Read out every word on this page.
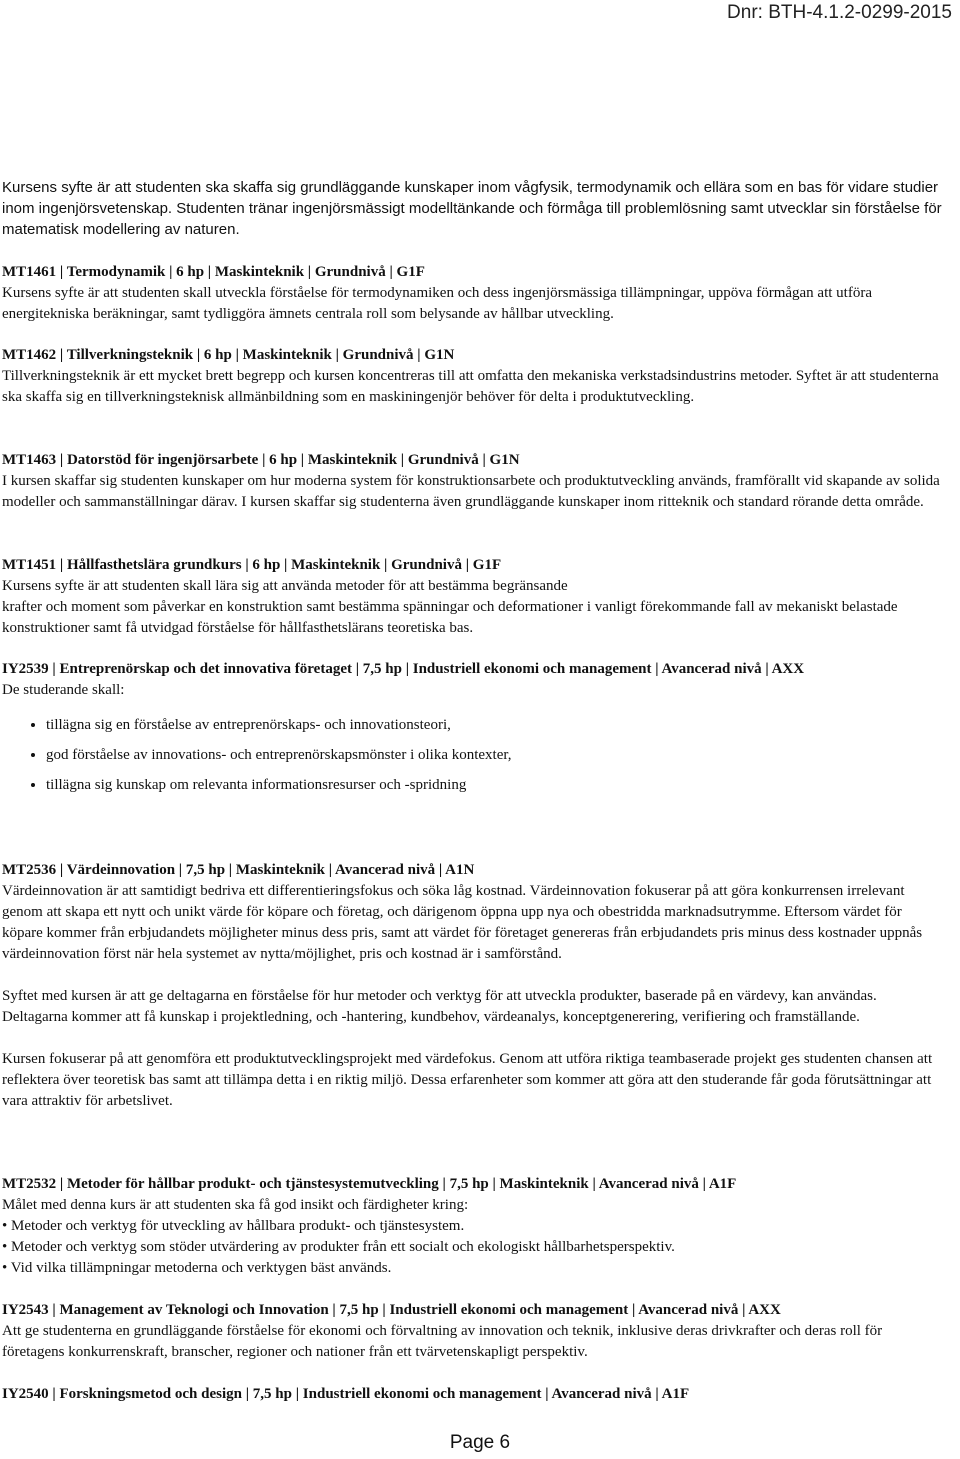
Dnr: BTH-4.1.2-0299-2015

Kursens syfte är att studenten ska skaffa sig grundläggande kunskaper inom vågfysik, termodynamik och ellära som en bas för vidare studier inom ingenjörsvetenskap. Studenten tränar ingenjörsmässigt modelltänkande och förmåga till problemlösning samt utvecklar sin förståelse för matematisk modellering av naturen.

MT1461 | Termodynamik | 6 hp | Maskinteknik | Grundnivå | G1F

Kursens syfte är att studenten skall utveckla förståelse för termodynamiken och dess ingenjörsmässiga tillämpningar, uppöva förmågan att utföra energitekniska beräkningar, samt tydliggöra ämnets centrala roll som belysande av hållbar utveckling.

MT1462 | Tillverkningsteknik | 6 hp | Maskinteknik | Grundnivå | G1N

Tillverkningsteknik är ett mycket brett begrepp och kursen koncentreras till att omfatta den mekaniska verkstadsindustrins metoder. Syftet är att studenterna ska skaffa sig en tillverkningsteknisk allmänbildning som en maskiningenjör behöver för delta i produktutveckling.

MT1463 | Datorstöd för ingenjörsarbete | 6 hp | Maskinteknik | Grundnivå | G1N

I kursen skaffar sig studenten kunskaper om hur moderna system för konstruktionsarbete och produktutveckling används, framförallt vid skapande av solida modeller och sammanställningar därav. I kursen skaffar sig studenterna även grundläggande kunskaper inom ritteknik och standard rörande detta område.

MT1451 | Hållfasthetslära grundkurs | 6 hp | Maskinteknik | Grundnivå | G1F

Kursens syfte är att studenten skall lära sig att använda metoder för att bestämma begränsande

krafter och moment som påverkar en konstruktion samt bestämma spänningar och deformationer i vanligt förekommande fall av mekaniskt belastade konstruktioner samt få utvidgad förståelse för hållfasthetslärans teoretiska bas.

IY2539 | Entreprenörskap och det innovativa företaget | 7,5 hp | Industriell ekonomi och management | Avancerad nivå | AXX

De studerande skall:

• tillägna sig en förståelse av entreprenörskaps- och innovationsteori,
• god förståelse av innovations- och entreprenörskapsmönster i olika kontexter,
• tillägna sig kunskap om relevanta informationsresurser och -spridning

MT2536 | Värdeinnovation | 7,5 hp | Maskinteknik | Avancerad nivå | A1N

Värdeinnovation är att samtidigt bedriva ett differentieringsfokus och söka låg kostnad. Värdeinnovation fokuserar på att göra konkurrensen irrelevant genom att skapa ett nytt och unikt värde för köpare och företag, och därigenom öppna upp nya och obestridda marknadsutrymme. Eftersom värdet för köpare kommer från erbjudandets möjligheter minus dess pris, samt att värdet för företaget genereras från erbjudandets pris minus dess kostnader uppnås värdeinnovation först när hela systemet av nytta/möjlighet, pris och kostnad är i samförstånd.

Syftet med kursen är att ge deltagarna en förståelse för hur metoder och verktyg för att utveckla produkter, baserade på en värdevy, kan användas. Deltagarna kommer att få kunskap i projektledning, och -hantering, kundbehov, värdeanalys, konceptgenerering, verifiering och framställande.

Kursen fokuserar på att genomföra ett produktutvecklingsprojekt med värdefokus. Genom att utföra riktiga teambaserade projekt ges studenten chansen att reflektera över teoretisk bas samt att tillämpa detta i en riktig miljö. Dessa erfarenheter som kommer att göra att den studerande får goda förutsättningar att vara attraktiv för arbetslivet.

MT2532 | Metoder för hållbar produkt- och tjänstesystemutveckling | 7,5 hp | Maskinteknik | Avancerad nivå | A1F

Målet med denna kurs är att studenten ska få god insikt och färdigheter kring:

• Metoder och verktyg för utveckling av hållbara produkt- och tjänstesystem.

• Metoder och verktyg som stöder utvärdering av produkter från ett socialt och ekologiskt hållbarhetsperspektiv.

• Vid vilka tillämpningar metoderna och verktygen bäst används.

IY2543 | Management av Teknologi och Innovation | 7,5 hp | Industriell ekonomi och management | Avancerad nivå | AXX

Att ge studenterna en grundläggande förståelse för ekonomi och förvaltning av innovation och teknik, inklusive deras drivkrafter och deras roll för företagens konkurrenskraft, branscher, regioner och nationer från ett tvärvetenskapligt perspektiv.

IY2540 | Forskningsmetod och design | 7,5 hp | Industriell ekonomi och management | Avancerad nivå | A1F

Page 6
